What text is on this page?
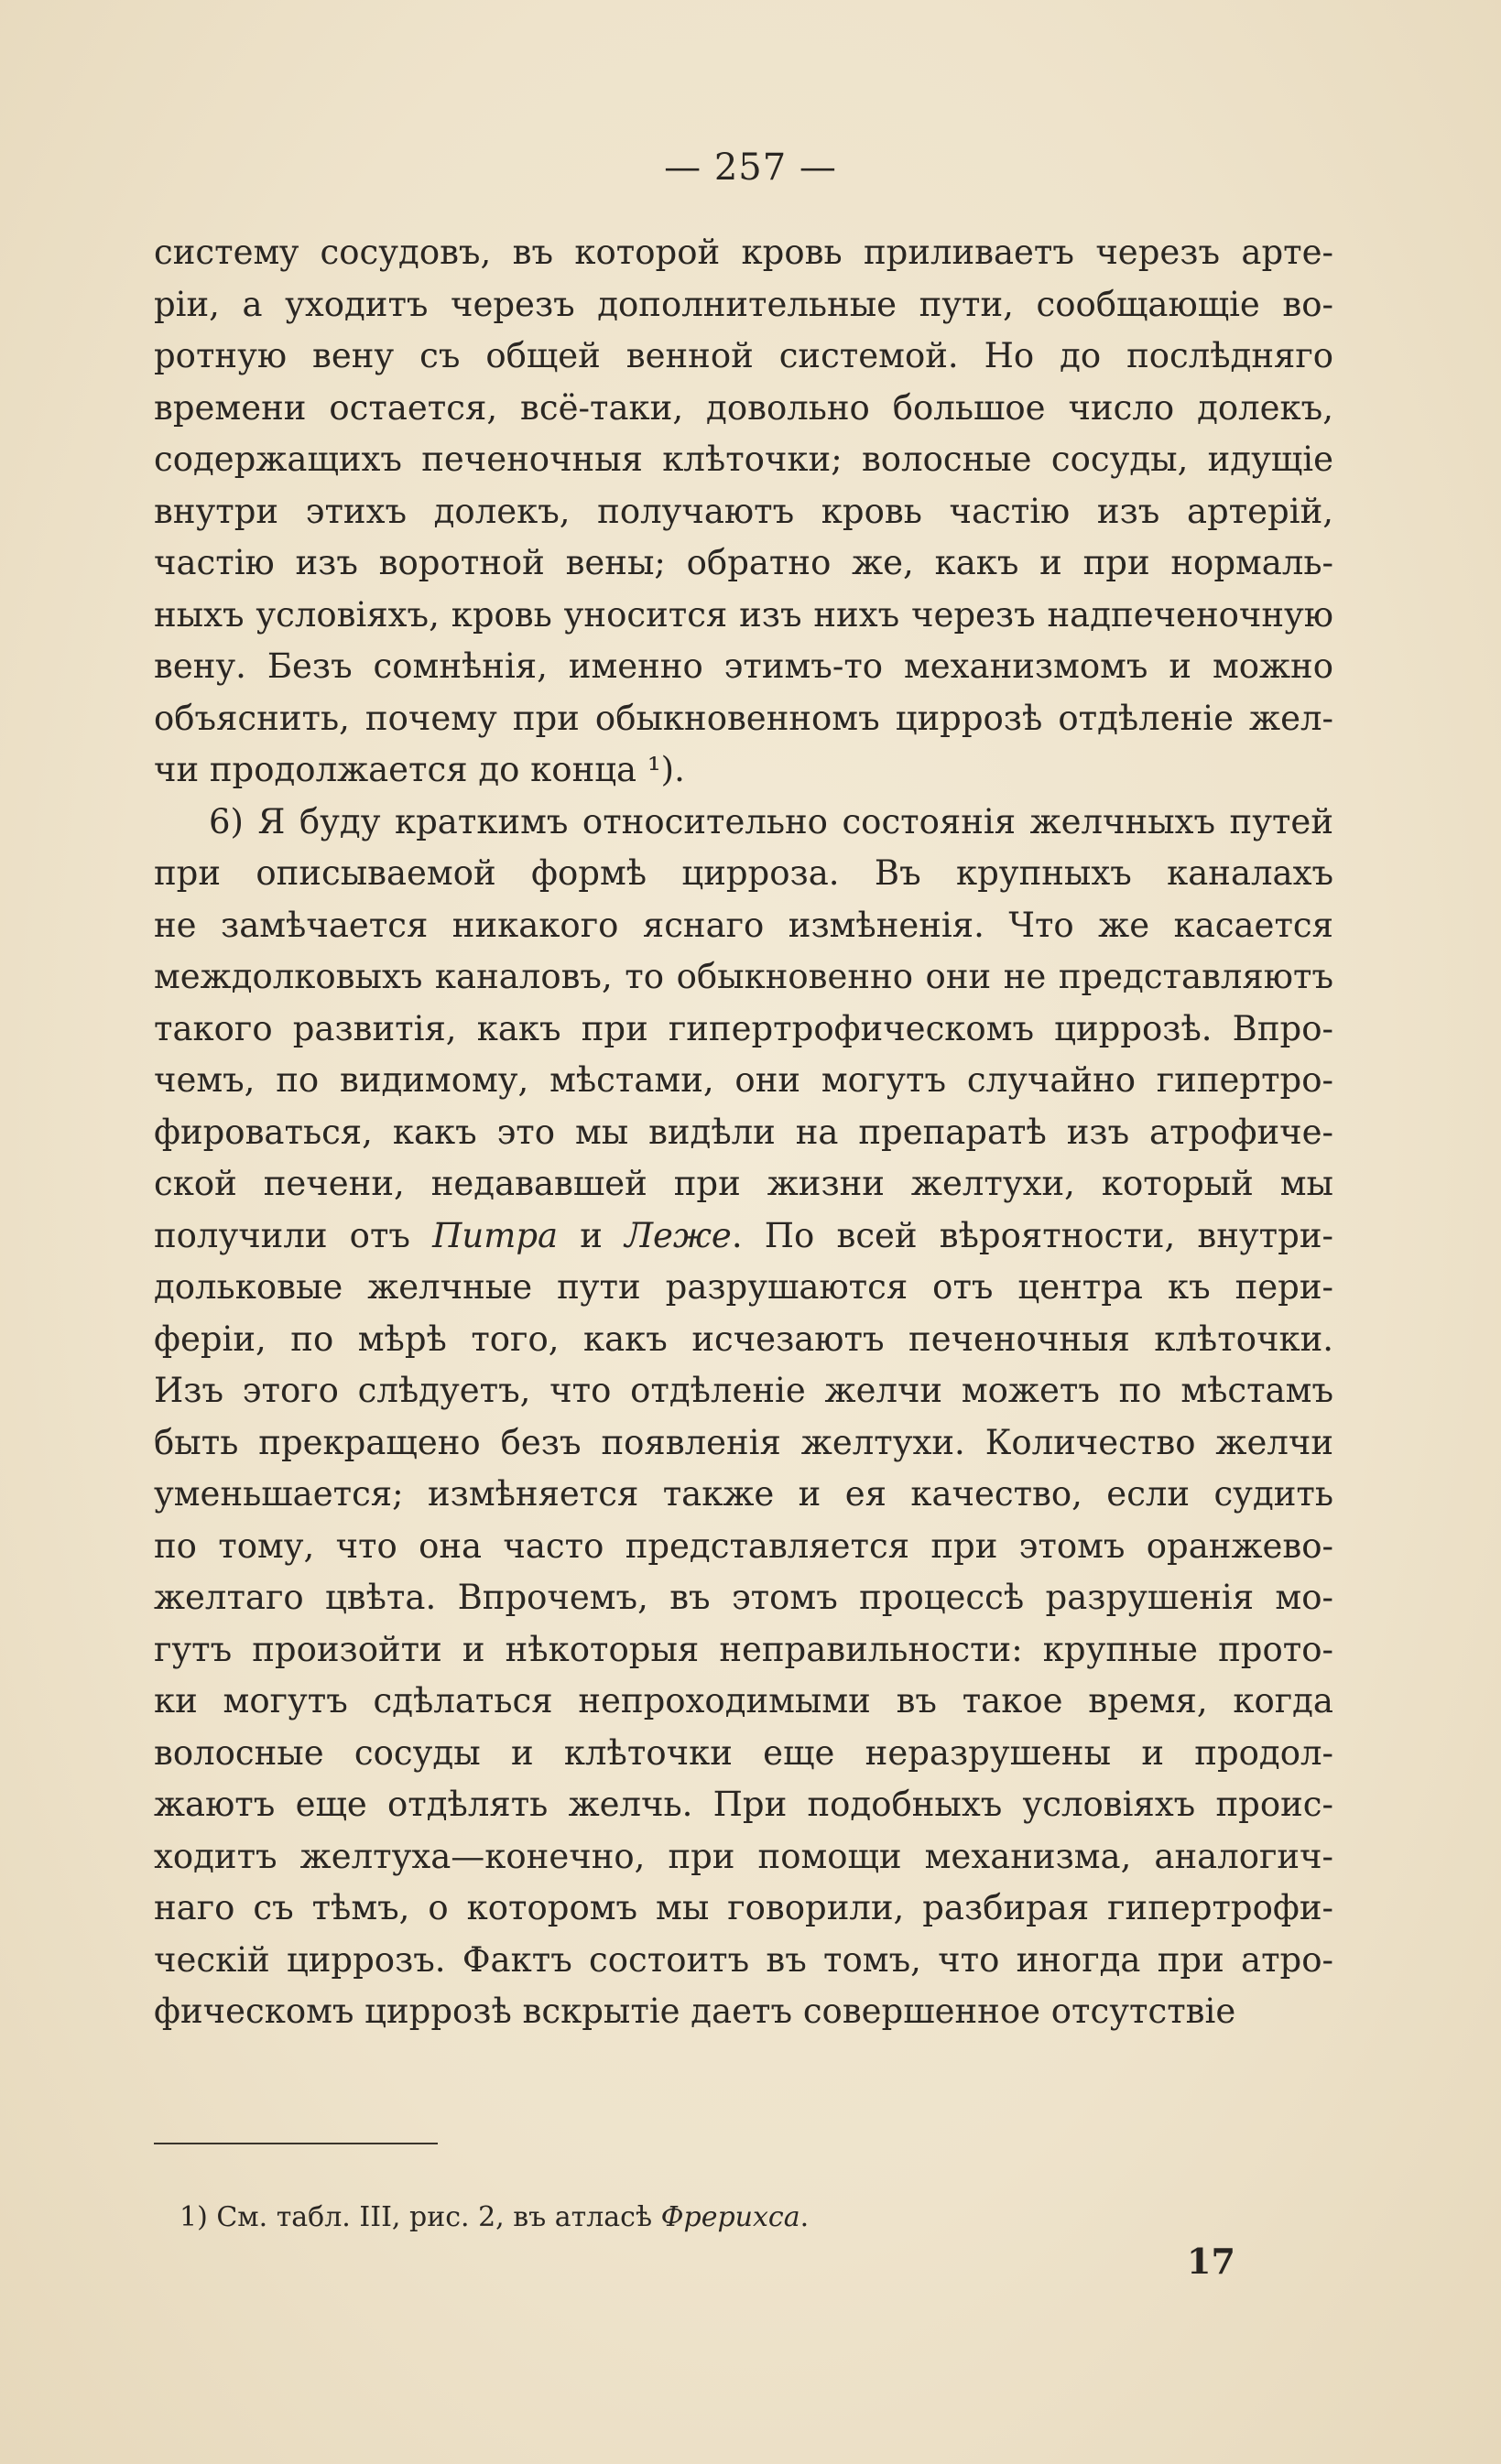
— 257 —
системy сосудовъ, въ которой кровь приливаетъ черезъ арте-
ріи, а уходитъ черезъ дополнительные пути, сообщающіе во-
ротную вену съ общей венной системой. Но до послѣдняго
времени остается, всё-таки, довольно большое число долекъ,
содержащихъ печеночныя клѣточки; волосные сосуды, идущіе
внутри этихъ долекъ, получаютъ кровь частію изъ артерій,
частію изъ воротной вены; обратно же, какъ и при нормаль-
ныхъ условіяхъ, кровь уносится изъ нихъ черезъ надпеченочную
вену. Безъ сомнѣнія, именно этимъ-то механизмомъ и можно
объяснить, почему при обыкновенномъ циррозѣ отдѣленіе жел-
чи продолжается до конца ¹).
6) Я буду краткимъ относительно состоянія желчныхъ путей
при описываемой формѣ цирроза. Въ крупныхъ каналахъ
не замѣчается никакого яснаго измѣненія. Что же касается
междолковыхъ каналовъ, то обыкновенно они не представляютъ
такого развитія, какъ при гипертрофическомъ циррозѣ. Впро-
чемъ, по видимому, мѣстами, они могутъ случайно гипертро-
фироваться, какъ это мы видѣли на препаратѣ изъ атрофиче-
ской печени, недававшей при жизни желтухи, который мы
получили отъ Питра и Леже. По всей вѣроятности, внутри-
дольковые желчные пути разрушаются отъ центра къ пери-
феріи, по мѣрѣ того, какъ исчезаютъ печеночныя клѣточки.
Изъ этого слѣдуетъ, что отдѣленіе желчи можетъ по мѣстамъ
быть прекращено безъ появленія желтухи. Количество желчи
уменьшается; измѣняется также и ея качество, если судить
по тому, что она часто представляется при этомъ оранжево-
желтаго цвѣта. Впрочемъ, въ этомъ процессѣ разрушенія мо-
гутъ произойти и нѣкоторыя неправильности: крупные прото-
ки могутъ сдѣлаться непроходимыми въ такое время, когда
волосные сосуды и клѣточки еще неразрушены и продол-
жаютъ еще отдѣлять желчь. При подобныхъ условіяхъ проис-
ходитъ желтуха—конечно, при помощи механизма, аналогич-
наго съ тѣмъ, о которомъ мы говорили, разбирая гипертрофи-
ческій циррозъ. Фактъ состоитъ въ томъ, что иногда при атро-
фическомъ циррозѣ вскрытіе даетъ совершенное отсутствіе
1) См. табл. III, рис. 2, въ атласѣ Фрерихса.
17
